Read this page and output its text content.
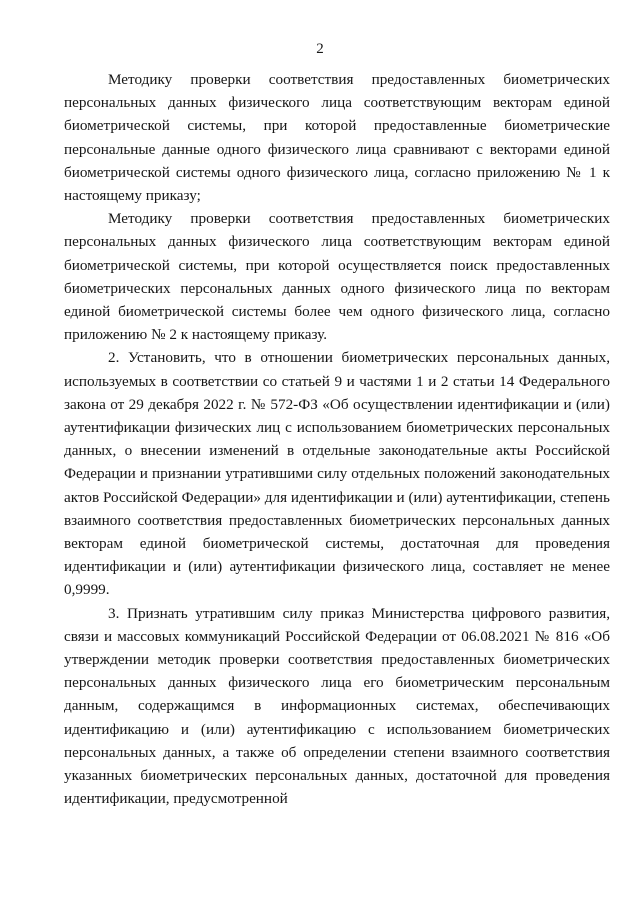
2

Методику проверки соответствия предоставленных биометрических персональных данных физического лица соответствующим векторам единой биометрической системы, при которой предоставленные биометрические персональные данные одного физического лица сравнивают с векторами единой биометрической системы одного физического лица, согласно приложению № 1 к настоящему приказу;

Методику проверки соответствия предоставленных биометрических персональных данных физического лица соответствующим векторам единой биометрической системы, при которой осуществляется поиск предоставленных биометрических персональных данных одного физического лица по векторам единой биометрической системы более чем одного физического лица, согласно приложению № 2 к настоящему приказу.

2. Установить, что в отношении биометрических персональных данных, используемых в соответствии со статьей 9 и частями 1 и 2 статьи 14 Федерального закона от 29 декабря 2022 г. № 572-ФЗ «Об осуществлении идентификации и (или) аутентификации физических лиц с использованием биометрических персональных данных, о внесении изменений в отдельные законодательные акты Российской Федерации и признании утратившими силу отдельных положений законодательных актов Российской Федерации» для идентификации и (или) аутентификации, степень взаимного соответствия предоставленных биометрических персональных данных векторам единой биометрической системы, достаточная для проведения идентификации и (или) аутентификации физического лица, составляет не менее 0,9999.

3. Признать утратившим силу приказ Министерства цифрового развития, связи и массовых коммуникаций Российской Федерации от 06.08.2021 № 816 «Об утверждении методик проверки соответствия предоставленных биометрических персональных данных физического лица его биометрическим персональным данным, содержащимся в информационных системах, обеспечивающих идентификацию и (или) аутентификацию с использованием биометрических персональных данных, а также об определении степени взаимного соответствия указанных биометрических персональных данных, достаточной для проведения идентификации, предусмотренной
